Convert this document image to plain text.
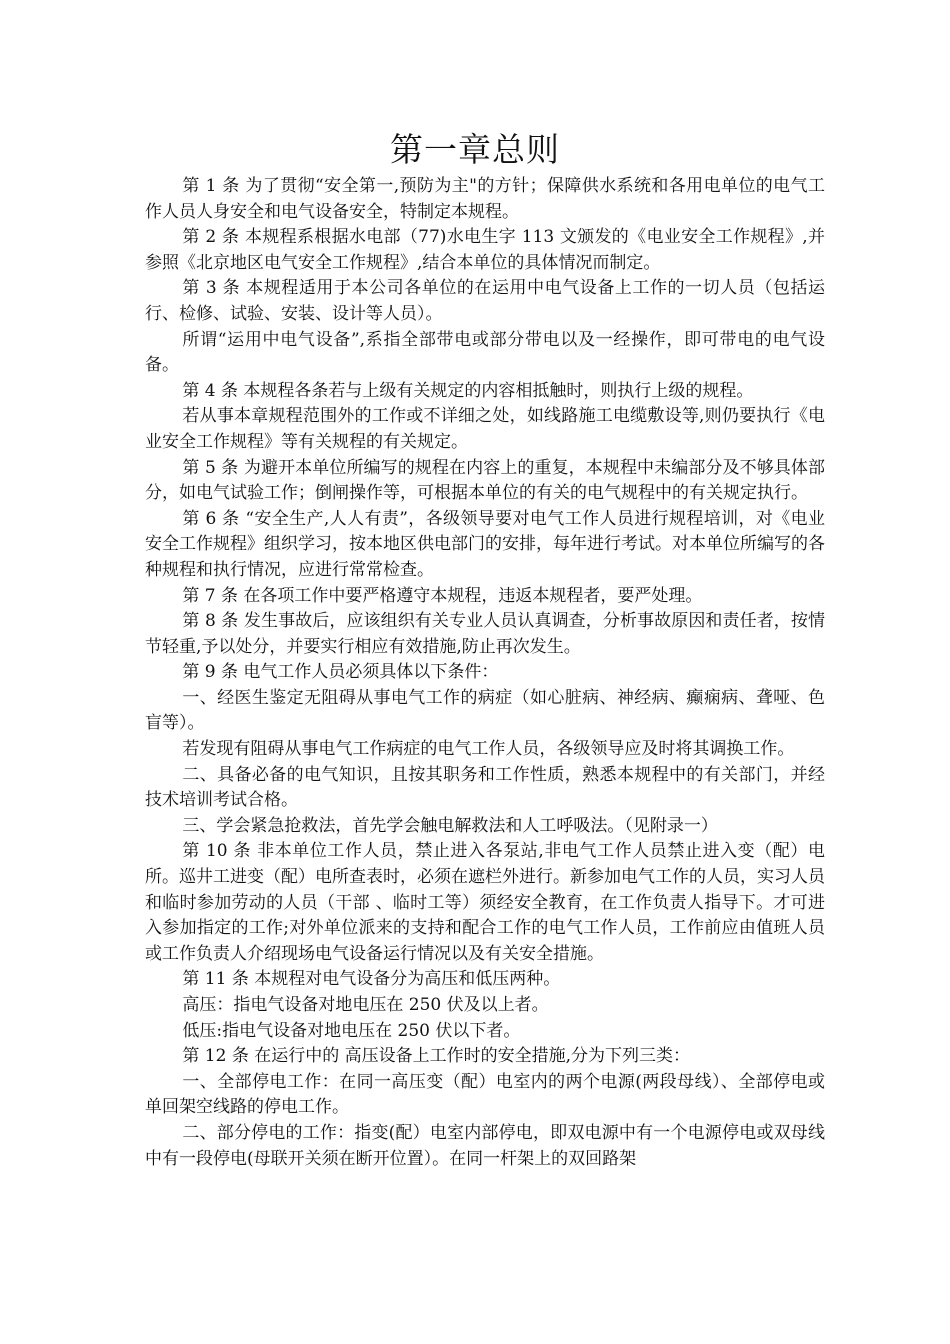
第一章总则

第 1 条 为了贯彻“安全第一,预防为主"的方针；保障供水系统和各用电单位的电气工作人员人身安全和电气设备安全，特制定本规程。

第 2 条 本规程系根据水电部（77)水电生字 113 文颁发的《电业安全工作规程》,并参照《北京地区电气安全工作规程》,结合本单位的具体情况而制定。

第 3 条 本规程适用于本公司各单位的在运用中电气设备上工作的一切人员（包括运行、检修、试验、安装、设计等人员）。

所谓“运用中电气设备”,系指全部带电或部分带电以及一经操作，即可带电的电气设备。

第 4 条 本规程各条若与上级有关规定的内容相抵触时，则执行上级的规程。

若从事本章规程范围外的工作或不详细之处，如线路施工电缆敷设等,则仍要执行《电业安全工作规程》等有关规程的有关规定。

第 5 条 为避开本单位所编写的规程在内容上的重复，本规程中未编部分及不够具体部分，如电气试验工作；倒闸操作等，可根据本单位的有关的电气规程中的有关规定执行。

第 6 条 “安全生产,人人有责”，各级领导要对电气工作人员进行规程培训，对《电业安全工作规程》组织学习，按本地区供电部门的安排，每年进行考试。对本单位所编写的各种规程和执行情况，应进行常常检查。

第 7 条 在各项工作中要严格遵守本规程，违返本规程者，要严处理。

第 8 条 发生事故后，应该组织有关专业人员认真调查，分析事故原因和责任者，按情节轻重,予以处分，并要实行相应有效措施,防止再次发生。

第 9 条 电气工作人员必须具体以下条件：

一、经医生鉴定无阻碍从事电气工作的病症（如心脏病、神经病、癫痫病、聋哑、色盲等）。

若发现有阻碍从事电气工作病症的电气工作人员，各级领导应及时将其调换工作。

二、具备必备的电气知识，且按其职务和工作性质，熟悉本规程中的有关部门，并经技术培训考试合格。

三、学会紧急抢救法，首先学会触电解救法和人工呼吸法。（见附录一）

第 10 条 非本单位工作人员，禁止进入各泵站,非电气工作人员禁止进入变（配）电所。巡井工进变（配）电所查表时，必须在遮栏外进行。新参加电气工作的人员，实习人员和临时参加劳动的人员（干部 、临时工等）须经安全教育，在工作负责人指导下。才可进入参加指定的工作;对外单位派来的支持和配合工作的电气工作人员，工作前应由值班人员或工作负责人介绍现场电气设备运行情况以及有关安全措施。

第 11 条 本规程对电气设备分为高压和低压两种。

高压：指电气设备对地电压在 250 伏及以上者。

低压:指电气设备对地电压在 250 伏以下者。

第 12 条 在运行中的 高压设备上工作时的安全措施,分为下列三类：

一、全部停电工作：在同一高压变（配）电室内的两个电源(两段母线）、全部停电或单回架空线路的停电工作。

二、部分停电的工作：指变(配）电室内部停电，即双电源中有一个电源停电或双母线中有一段停电(母联开关须在断开位置）。在同一杆架上的双回路架
